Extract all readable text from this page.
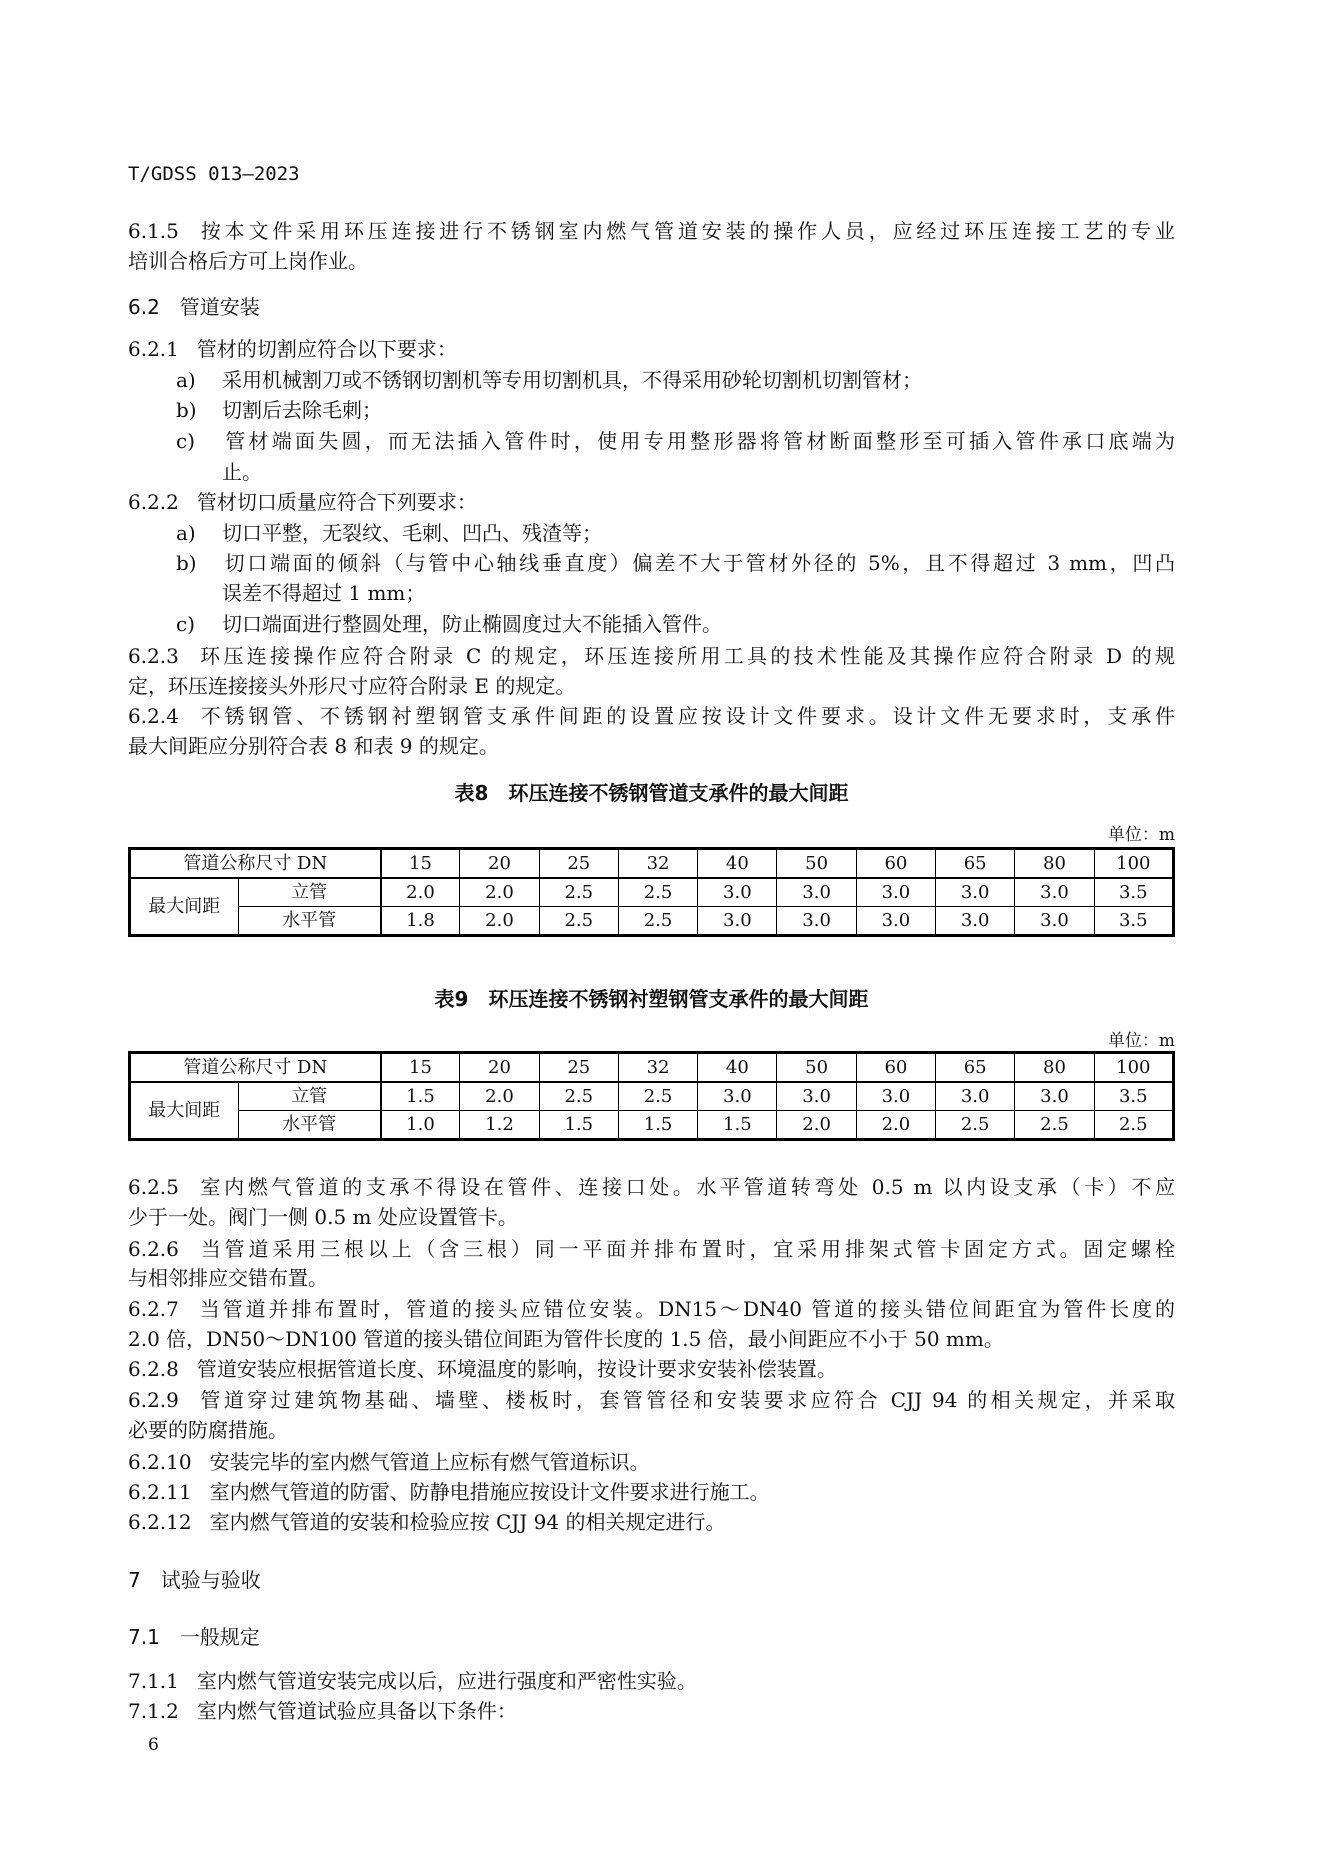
T/GDSS 013—2023
6.1.5 按本文件采用环压连接进行不锈钢室内燃气管道安装的操作人员，应经过环压连接工艺的专业
培训合格后方可上岗作业。
6.2　管道安装
6.2.1 管材的切割应符合以下要求：
a) 采用机械割刀或不锈钢切割机等专用切割机具，不得采用砂轮切割机切割管材；
b) 切割后去除毛刺；
c) 管材端面失圆，而无法插入管件时，使用专用整形器将管材断面整形至可插入管件承口底端为
止。
6.2.2 管材切口质量应符合下列要求：
a) 切口平整，无裂纹、毛刺、凹凸、残渣等；
b) 切口端面的倾斜（与管中心轴线垂直度）偏差不大于管材外径的 5%，且不得超过 3 mm，凹凸
误差不得超过 1 mm；
c) 切口端面进行整圆处理，防止椭圆度过大不能插入管件。
6.2.3 环压连接操作应符合附录 C 的规定，环压连接所用工具的技术性能及其操作应符合附录 D 的规
定，环压连接接头外形尺寸应符合附录 E 的规定。
6.2.4 不锈钢管、不锈钢衬塑钢管支承件间距的设置应按设计文件要求。设计文件无要求时，支承件
最大间距应分别符合表 8 和表 9 的规定。
表8　环压连接不锈钢管道支承件的最大间距
单位：m
管道公称尺寸 DN		15	20	25	32	40	50	60	65	80	100
最大间距	立管	2.0	2.0	2.5	2.5	3.0	3.0	3.0	3.0	3.0	3.5
	水平管	1.8	2.0	2.5	2.5	3.0	3.0	3.0	3.0	3.0	3.5
表9　环压连接不锈钢衬塑钢管支承件的最大间距
单位：m
管道公称尺寸 DN		15	20	25	32	40	50	60	65	80	100
最大间距	立管	1.5	2.0	2.5	2.5	3.0	3.0	3.0	3.0	3.0	3.5
	水平管	1.0	1.2	1.5	1.5	1.5	2.0	2.0	2.5	2.5	2.5
6.2.5 室内燃气管道的支承不得设在管件、连接口处。水平管道转弯处 0.5 m 以内设支承（卡）不应
少于一处。阀门一侧 0.5 m 处应设置管卡。
6.2.6 当管道采用三根以上（含三根）同一平面并排布置时，宜采用排架式管卡固定方式。固定螺栓
与相邻排应交错布置。
6.2.7 当管道并排布置时，管道的接头应错位安装。DN15～DN40 管道的接头错位间距宜为管件长度的
2.0 倍，DN50～DN100 管道的接头错位间距为管件长度的 1.5 倍，最小间距应不小于 50 mm。
6.2.8 管道安装应根据管道长度、环境温度的影响，按设计要求安装补偿装置。
6.2.9 管道穿过建筑物基础、墙壁、楼板时，套管管径和安装要求应符合 CJJ 94 的相关规定，并采取
必要的防腐措施。
6.2.10 安装完毕的室内燃气管道上应标有燃气管道标识。
6.2.11 室内燃气管道的防雷、防静电措施应按设计文件要求进行施工。
6.2.12 室内燃气管道的安装和检验应按 CJJ 94 的相关规定进行。
7　试验与验收
7.1　一般规定
7.1.1 室内燃气管道安装完成以后，应进行强度和严密性实验。
7.1.2 室内燃气管道试验应具备以下条件：
6
